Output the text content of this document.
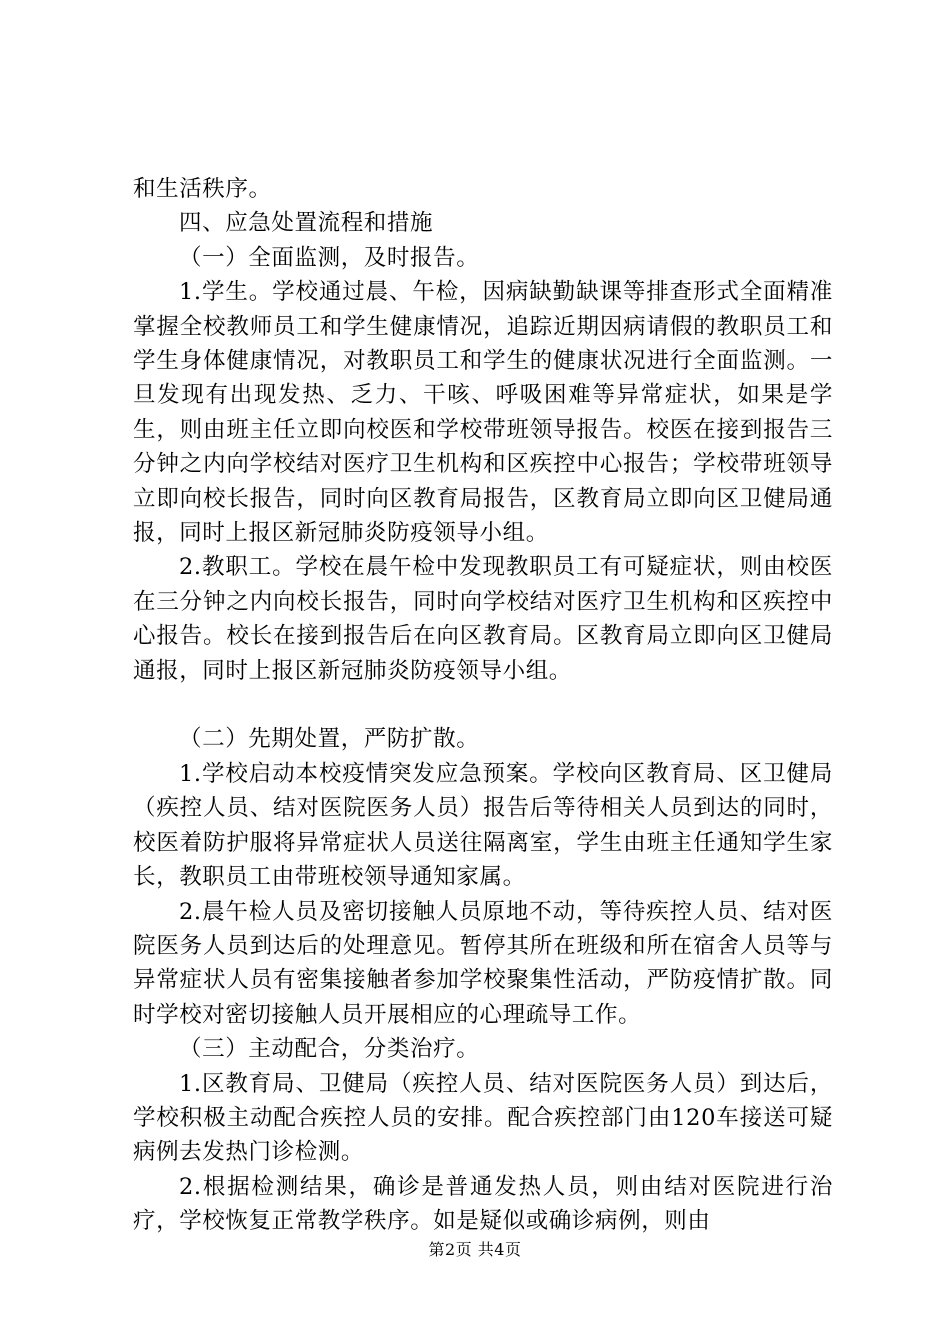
和生活秩序。

四、应急处置流程和措施

（一）全面监测，及时报告。

1.学生。学校通过晨、午检，因病缺勤缺课等排查形式全面精准掌握全校教师员工和学生健康情况，追踪近期因病请假的教职员工和学生身体健康情况，对教职员工和学生的健康状况进行全面监测。一旦发现有出现发热、乏力、干咳、呼吸困难等异常症状，如果是学生，则由班主任立即向校医和学校带班领导报告。校医在接到报告三分钟之内向学校结对医疗卫生机构和区疾控中心报告；学校带班领导立即向校长报告，同时向区教育局报告，区教育局立即向区卫健局通报，同时上报区新冠肺炎防疫领导小组。

2.教职工。学校在晨午检中发现教职员工有可疑症状，则由校医在三分钟之内向校长报告，同时向学校结对医疗卫生机构和区疾控中心报告。校长在接到报告后在向区教育局。区教育局立即向区卫健局通报，同时上报区新冠肺炎防疫领导小组。

（二）先期处置，严防扩散。

1.学校启动本校疫情突发应急预案。学校向区教育局、区卫健局（疾控人员、结对医院医务人员）报告后等待相关人员到达的同时，校医着防护服将异常症状人员送往隔离室，学生由班主任通知学生家长，教职员工由带班校领导通知家属。

2.晨午检人员及密切接触人员原地不动，等待疾控人员、结对医院医务人员到达后的处理意见。暂停其所在班级和所在宿舍人员等与异常症状人员有密集接触者参加学校聚集性活动，严防疫情扩散。同时学校对密切接触人员开展相应的心理疏导工作。

（三）主动配合，分类治疗。

1.区教育局、卫健局（疾控人员、结对医院医务人员）到达后，学校积极主动配合疾控人员的安排。配合疾控部门由120车接送可疑病例去发热门诊检测。

2.根据检测结果，确诊是普通发热人员，则由结对医院进行治疗，学校恢复正常教学秩序。如是疑似或确诊病例，则由

第2页 共4页
